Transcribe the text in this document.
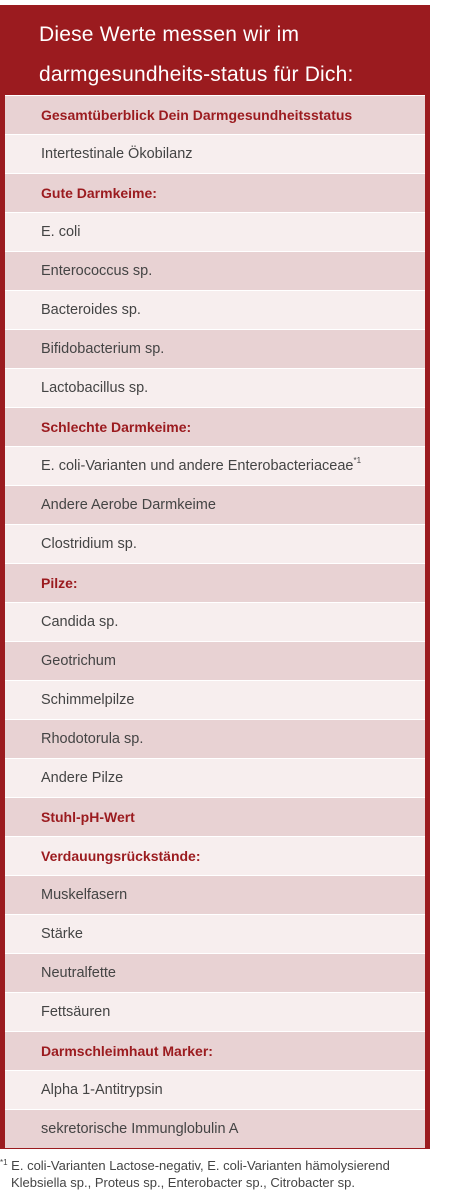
Diese Werte messen wir im
darmgesundheits-status für Dich:
Gesamtüberblick Dein Darmgesundheitsstatus
Intertestinale Ökobilanz
Gute Darmkeime:
E. coli
Enterococcus sp.
Bacteroides sp.
Bifidobacterium sp.
Lactobacillus sp.
Schlechte Darmkeime:
E. coli-Varianten und andere Enterobacteriaceae$^{*1}$
Andere Aerobe Darmkeime
Clostridium sp.
Pilze:
Candida sp.
Geotrichum
Schimmelpilze
Rhodotorula sp.
Andere Pilze
Stuhl-pH-Wert
Verdauungsrückstände:
Muskelfasern
Stärke
Neutralfette
Fettsäuren
Darmschleimhaut Marker:
Alpha 1-Antitrypsin
sekretorische Immunglobulin A
$^{*1}$ E. coli-Varianten Lactose-negativ, E. coli-Varianten hämolysierend
Klebsiella sp., Proteus sp., Enterobacter sp., Citrobacter sp.
